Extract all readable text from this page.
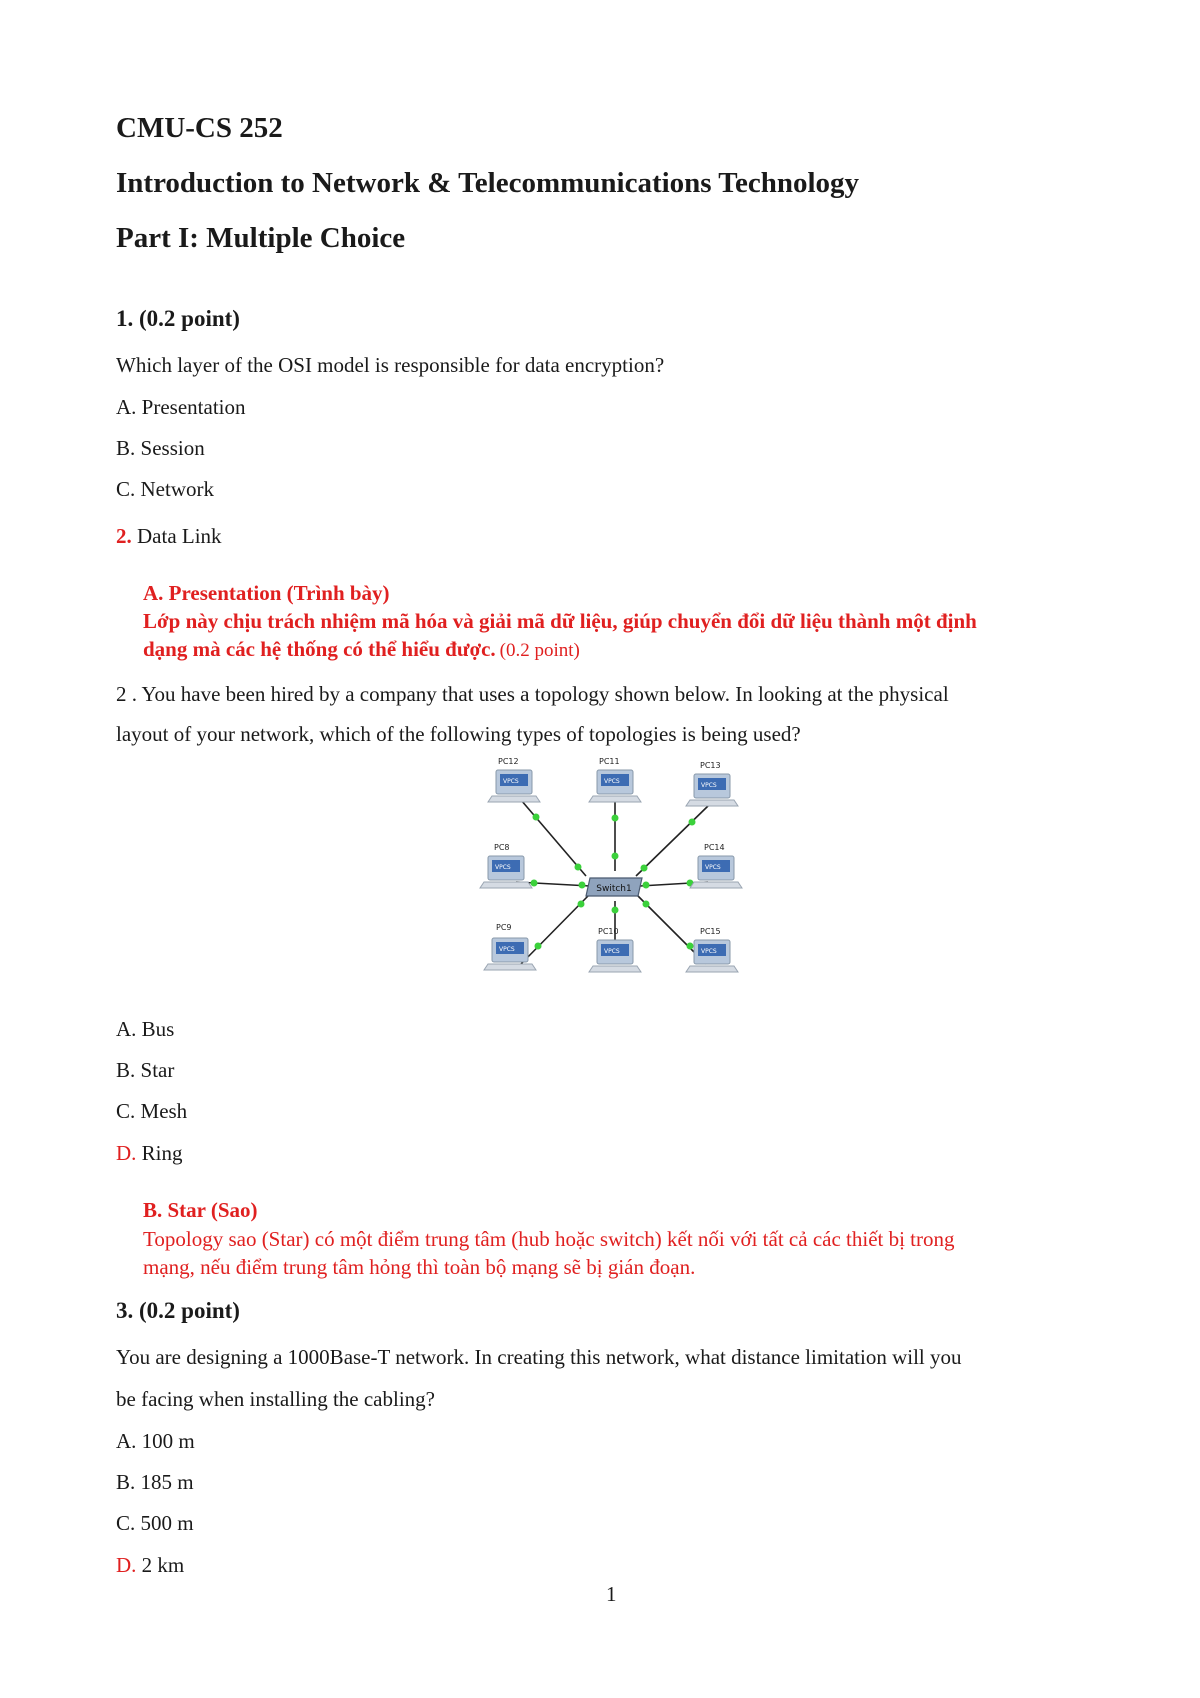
CMU-CS 252
Introduction to Network & Telecommunications Technology
Part I: Multiple Choice
1. (0.2 point)
Which layer of the OSI model is responsible for data encryption?
A. Presentation
B. Session
C. Network
2. Data Link
A. Presentation (Trình bày)
Lớp này chịu trách nhiệm mã hóa và giải mã dữ liệu, giúp chuyển đổi dữ liệu thành một định
dạng mà các hệ thống có thể hiểu được. (0.2 point)
2 . You have been hired by a company that uses a topology shown below. In looking at the physical
layout of your network, which of the following types of topologies is being used?
Switch1
PC12
VPCS
PC11
VPCS
PC13
VPCS
PC8
VPCS
PC14
VPCS
PC9
VPCS
PC10
VPCS
PC15
VPCS
A. Bus
B. Star
C. Mesh
D. Ring
B. Star (Sao)
Topology sao (Star) có một điểm trung tâm (hub hoặc switch) kết nối với tất cả các thiết bị trong
mạng, nếu điểm trung tâm hỏng thì toàn bộ mạng sẽ bị gián đoạn.
3. (0.2 point)
You are designing a 1000Base-T network. In creating this network, what distance limitation will you
be facing when installing the cabling?
A. 100 m
B. 185 m
C. 500 m
D. 2 km
1
